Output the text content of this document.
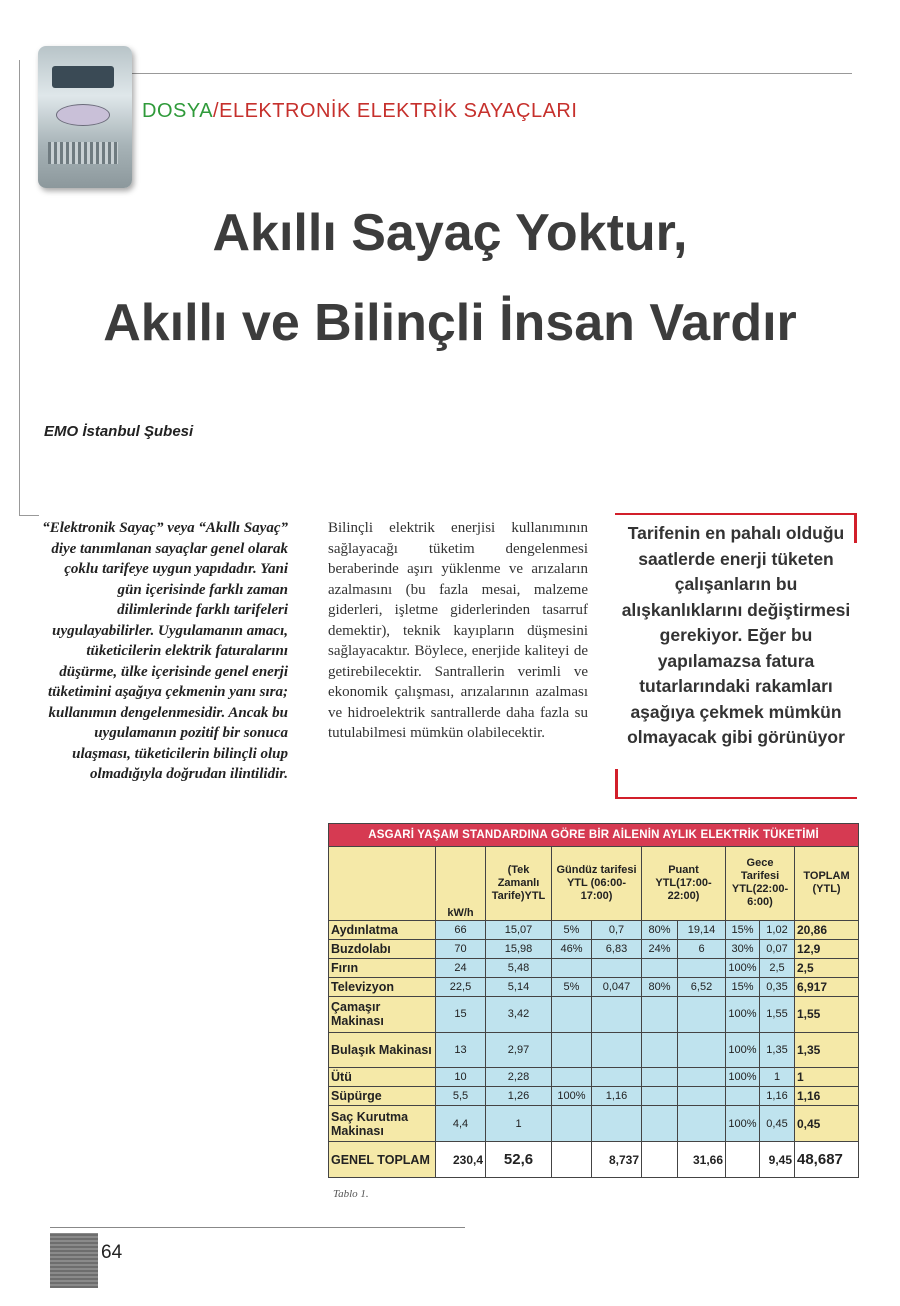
DOSYA/ELEKTRONİK ELEKTRİK SAYAÇLARI
Akıllı Sayaç Yoktur,
Akıllı ve Bilinçli İnsan Vardır
EMO İstanbul Şubesi

“Elektronik Sayaç” veya “Akıllı Sayaç” diye tanımlanan sayaçlar genel olarak çoklu tarifeye uygun yapıdadır. Yani gün içerisinde farklı zaman dilimlerinde farklı tarifeleri uygulayabilirler. Uygulamanın amacı, tüketicilerin elektrik faturalarını düşürme, ülke içerisinde genel enerji tüketimini aşağıya çekmenin yanı sıra; kullanımın dengelenmesidir. Ancak bu uygulamanın pozitif bir sonuca ulaşması, tüketicilerin bilinçli olup olmadığıyla doğrudan ilintilidir.

Bilinçli elektrik enerjisi kullanımının sağlayacağı tüketim dengelenmesi beraberinde aşırı yüklenme ve arızaların azalmasını (bu fazla mesai, malzeme giderleri, işletme giderlerinden tasarruf demektir), teknik kayıpların düşmesini sağlayacaktır. Böylece, enerjide kaliteyi de getirebilecektir. Santrallerin verimli ve ekonomik çalışması, arızalarının azalması ve hidroelektrik santrallerde daha fazla su tutulabilmesi mümkün olabilecektir.

Tarifenin en pahalı olduğu saatlerde enerji tüketen çalışanların bu alışkanlıklarını değiştirmesi gerekiyor. Eğer bu yapılamazsa fatura tutarlarındaki rakamları aşağıya çekmek mümkün olmayacak gibi görünüyor

ASGARİ YAŞAM STANDARDINA GÖRE BİR AİLENİN AYLIK ELEKTRİK TÜKETİMİ									
	kW/h	(Tek Zamanlı Tarife)YTL	Gündüz tarifesi YTL (06:00-17:00)		Puant YTL(17:00-22:00)		Gece Tarifesi YTL(22:00-6:00)		TOPLAM (YTL)
Aydınlatma	66	15,07	5%	0,7	80%	19,14	15%	1,02	20,86
Buzdolabı	70	15,98	46%	6,83	24%	6	30%	0,07	12,9
Fırın	24	5,48					100%	2,5	2,5
Televizyon	22,5	5,14	5%	0,047	80%	6,52	15%	0,35	6,917
Çamaşır Makinası	15	3,42					100%	1,55	1,55
Bulaşık Makinası	13	2,97					100%	1,35	1,35
Ütü	10	2,28					100%	1	1
Süpürge	5,5	1,26	100%	1,16				1,16	1,16
Saç Kurutma Makinası	4,4	1					100%	0,45	0,45
GENEL TOPLAM	230,4	52,6		8,737		31,66		9,45	48,687
Tablo 1.
64
